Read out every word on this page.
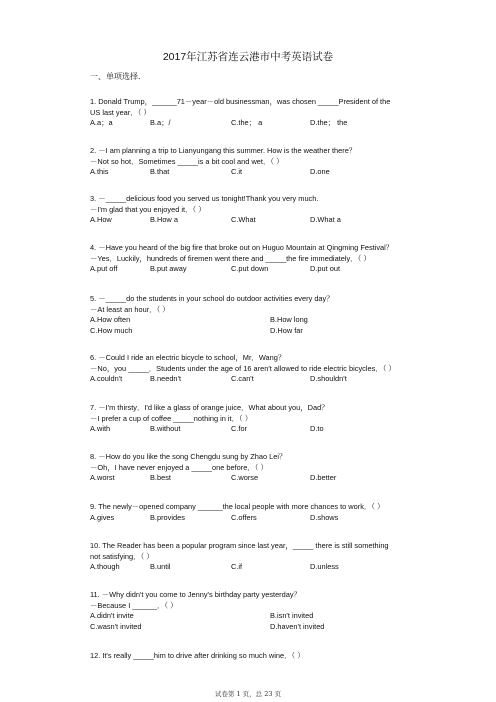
2017年江苏省连云港市中考英语试卷
一、单项选择．
1. Donald Trump，______71－year－old businessman，was chosen _____President of the
US last year．（ ）
A.a；a	B.a；/	C.the； a	D.the； the
2. －I am planning a trip to Lianyungang this summer. How is the weather there？
－Not so hot．Sometimes _____is a bit cool and wet．（ ）
A.this	B.that	C.it	D.one
3. －_____delicious food you served us tonight!Thank you very much.
－I'm glad that you enjoyed it．（ ）
A.How	B.How a	C.What	D.What a
4. －Have you heard of the big fire that broke out on Huguo Mountain at Qingming Festival？
－Yes．Luckily，hundreds of firemen went there and _____the fire immediately．（ ）
A.put off	B.put away	C.put down	D.put out
5. －_____do the students in your school do outdoor activities every day？
－At least an hour．（ ）
A.How often	B.How long
C.How much	D.How far
6. －Could I ride an electric bicycle to school，Mr．Wang？
－No，you _____．Students under the age of 16 aren't allowed to ride electric bicycles．（ ）
A.couldn't	B.needn't	C.can't	D.shouldn't
7. －I'm thirsty．I'd like a glass of orange juice．What about you，Dad？
－I prefer a cup of coffee _____nothing in it．（ ）
A.with	B.without	C.for	D.to
8. －How do you like the song Chengdu sung by Zhao Lei？
－Oh，I have never enjoyed a _____one before．（ ）
A.worst	B.best	C.worse	D.better
9. The newly－opened company ______the local people with more chances to work．（ ）
A.gives	B.provides	C.offers	D.shows
10. The Reader has been a popular program since last year，_____ there is still something
not satisfying．（ ）
A.though	B.until	C.if	D.unless
11. －Why didn't you come to Jenny's birthday party yesterday？
－Because I ______．（ ）
A.didn't invite	B.isn't invited
C.wasn't invited	D.haven't invited
12. It's really _____him to drive after drinking so much wine．（ ）
试卷第 1 页，总 23 页
